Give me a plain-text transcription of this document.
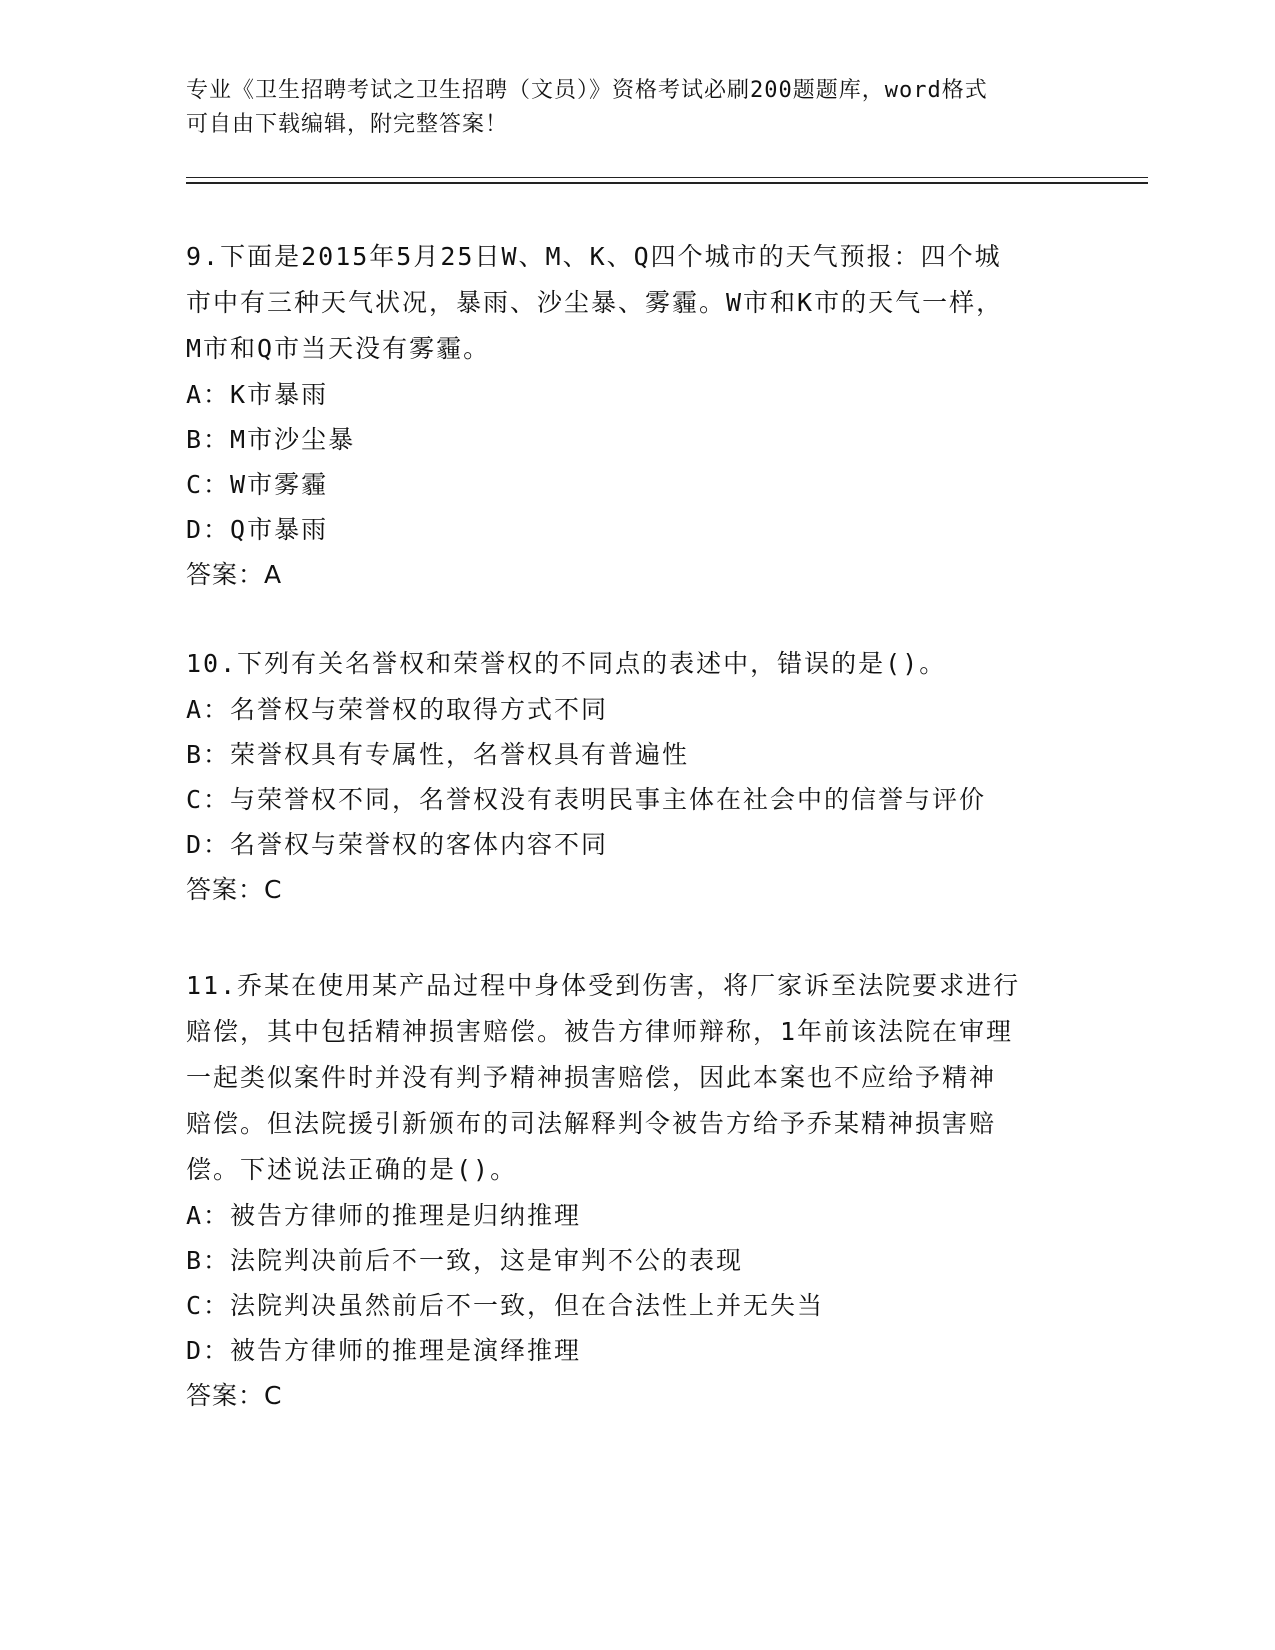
专业《卫生招聘考试之卫生招聘（文员）》资格考试必刷200题题库，word格式
可自由下载编辑，附完整答案！

9.下面是2015年5月25日W、M、K、Q四个城市的天气预报：四个城

市中有三种天气状况，暴雨、沙尘暴、雾霾。W市和K市的天气一样，

M市和Q市当天没有雾霾。

A：K市暴雨

B：M市沙尘暴

C：W市雾霾

D：Q市暴雨

答案：A

10.下列有关名誉权和荣誉权的不同点的表述中，错误的是()。

A：名誉权与荣誉权的取得方式不同

B：荣誉权具有专属性，名誉权具有普遍性

C：与荣誉权不同，名誉权没有表明民事主体在社会中的信誉与评价

D：名誉权与荣誉权的客体内容不同

答案：C

11.乔某在使用某产品过程中身体受到伤害，将厂家诉至法院要求进行

赔偿，其中包括精神损害赔偿。被告方律师辩称，1年前该法院在审理

一起类似案件时并没有判予精神损害赔偿，因此本案也不应给予精神

赔偿。但法院援引新颁布的司法解释判令被告方给予乔某精神损害赔

偿。下述说法正确的是()。

A：被告方律师的推理是归纳推理

B：法院判决前后不一致，这是审判不公的表现

C：法院判决虽然前后不一致，但在合法性上并无失当

D：被告方律师的推理是演绎推理

答案：C
